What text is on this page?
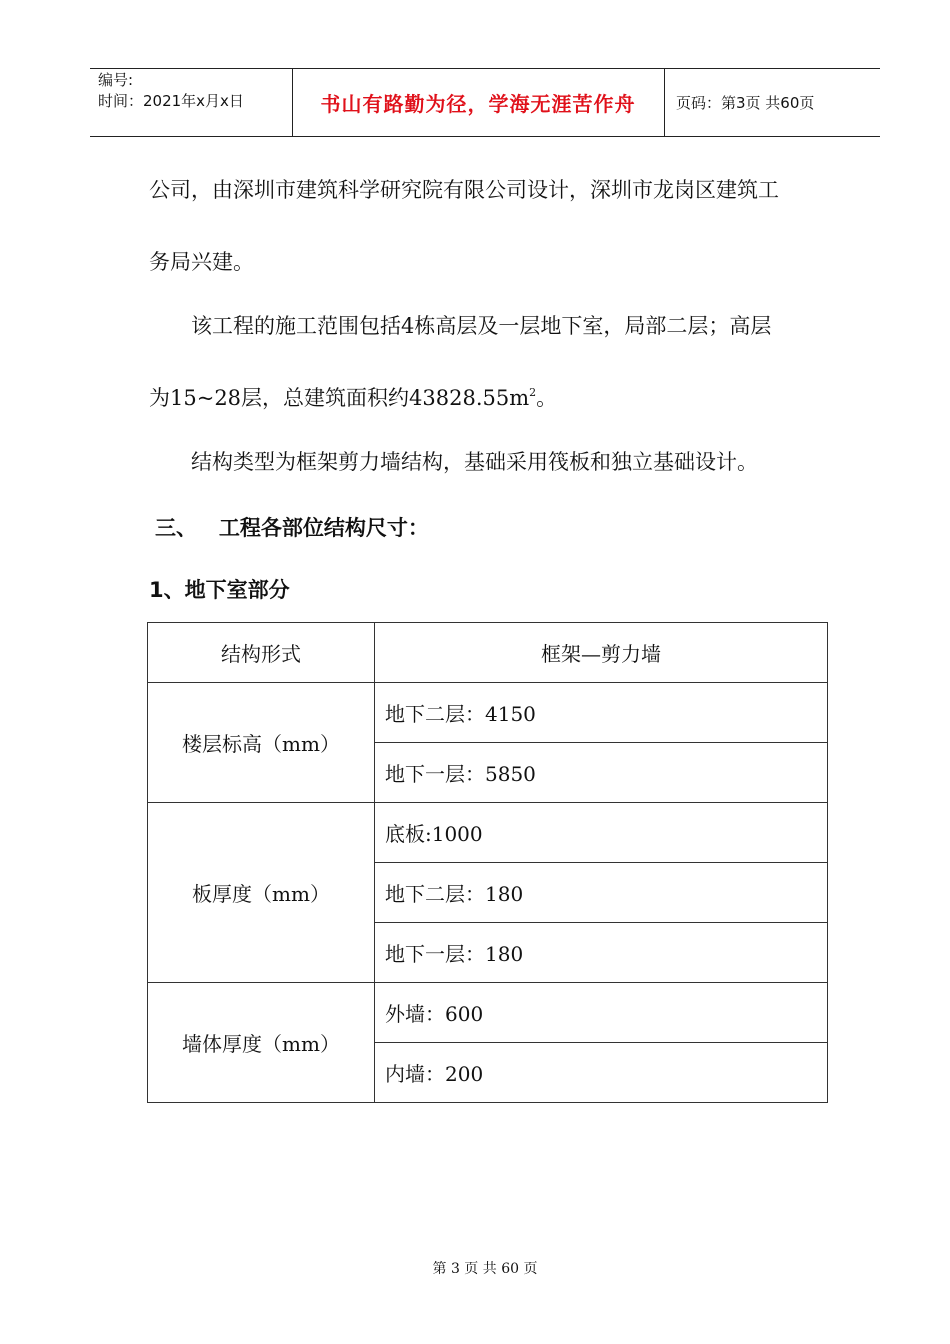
编号:
时间：2021年x月x日	书山有路勤为径，学海无涯苦作舟	页码：第3页 共60页
公司，由深圳市建筑科学研究院有限公司设计，深圳市龙岗区建筑工
务局兴建。
该工程的施工范围包括4栋高层及一层地下室，局部二层；高层
为15~28层，总建筑面积约$43828.55m^2$。
结构类型为框架剪力墙结构，基础采用筏板和独立基础设计。
三、   工程各部位结构尺寸：
1、地下室部分
结构形式	框架—剪力墙
楼层标高（mm）	地下二层：4150
	地下一层：5850
板厚度（mm）	底板:1000
	地下二层：180
	地下一层：180
墙体厚度（mm）	外墙：600
	内墙：200
第 3 页 共 60 页
